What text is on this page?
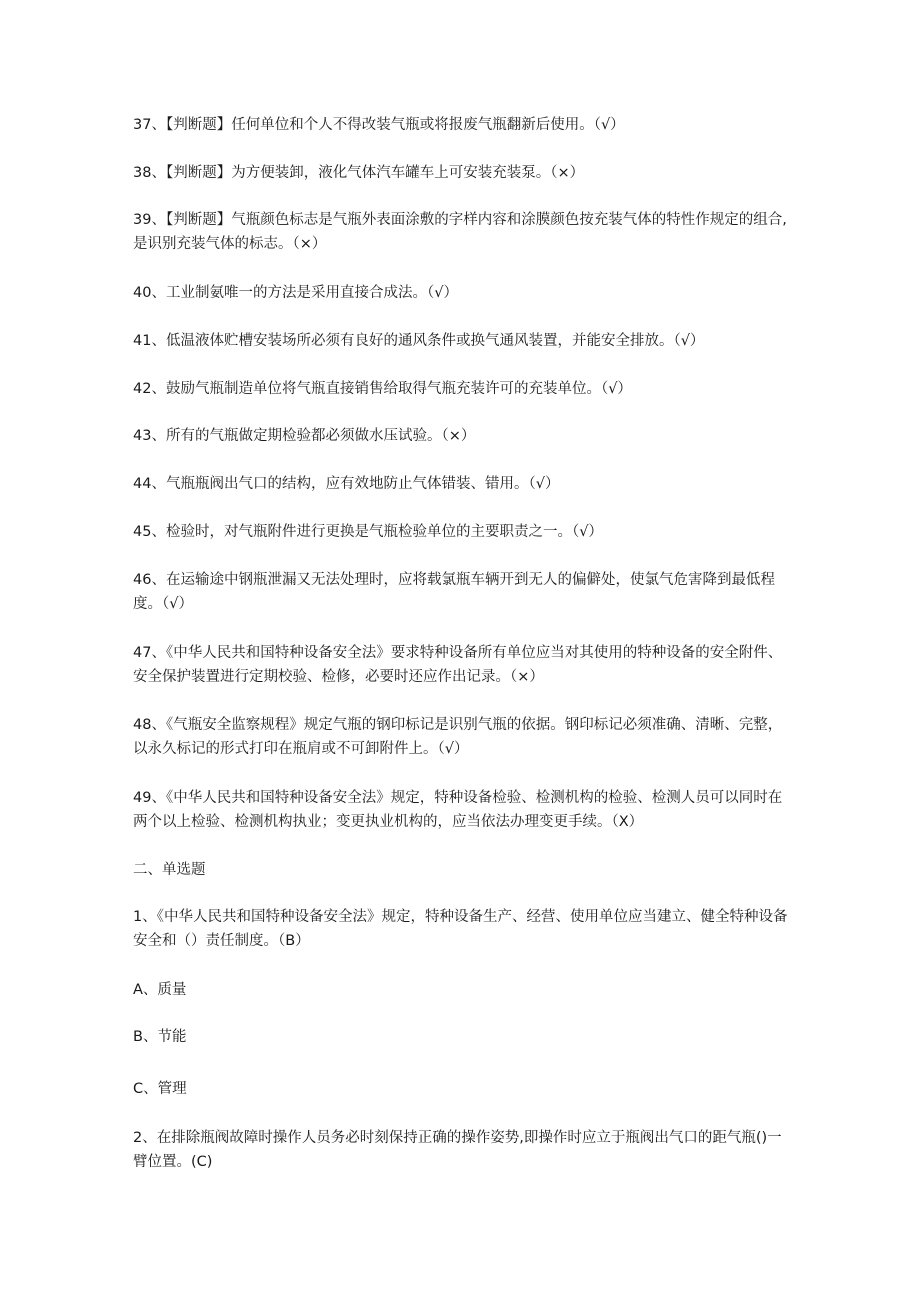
37、【判断题】任何单位和个人不得改装气瓶或将报废气瓶翻新后使用。（√）

38、【判断题】为方便装卸，液化气体汽车罐车上可安装充装泵。（×）

39、【判断题】气瓶颜色标志是气瓶外表面涂敷的字样内容和涂膜颜色按充装气体的特性作规定的组合,是识别充装气体的标志。（×）

40、工业制氨唯一的方法是采用直接合成法。（√）

41、低温液体贮槽安装场所必须有良好的通风条件或换气通风装置，并能安全排放。（√）

42、鼓励气瓶制造单位将气瓶直接销售给取得气瓶充装许可的充装单位。（√）

43、所有的气瓶做定期检验都必须做水压试验。（×）

44、气瓶瓶阀出气口的结构，应有效地防止气体错装、错用。（√）

45、检验时，对气瓶附件进行更换是气瓶检验单位的主要职责之一。（√）

46、在运输途中钢瓶泄漏又无法处理时，应将载氯瓶车辆开到无人的偏僻处，使氯气危害降到最低程度。（√）

47、《中华人民共和国特种设备安全法》要求特种设备所有单位应当对其使用的特种设备的安全附件、安全保护装置进行定期校验、检修，必要时还应作出记录。（×）

48、《气瓶安全监察规程》规定气瓶的钢印标记是识别气瓶的依据。钢印标记必须准确、清晰、完整，以永久标记的形式打印在瓶肩或不可卸附件上。（√）

49、《中华人民共和国特种设备安全法》规定，特种设备检验、检测机构的检验、检测人员可以同时在两个以上检验、检测机构执业；变更执业机构的，应当依法办理变更手续。（X）

二、单选题

1、《中华人民共和国特种设备安全法》规定，特种设备生产、经营、使用单位应当建立、健全特种设备安全和（）责任制度。（B）

A、质量

B、节能

C、管理

2、在排除瓶阀故障时操作人员务必时刻保持正确的操作姿势,即操作时应立于瓶阀出气口的距气瓶()一臂位置。(C)
